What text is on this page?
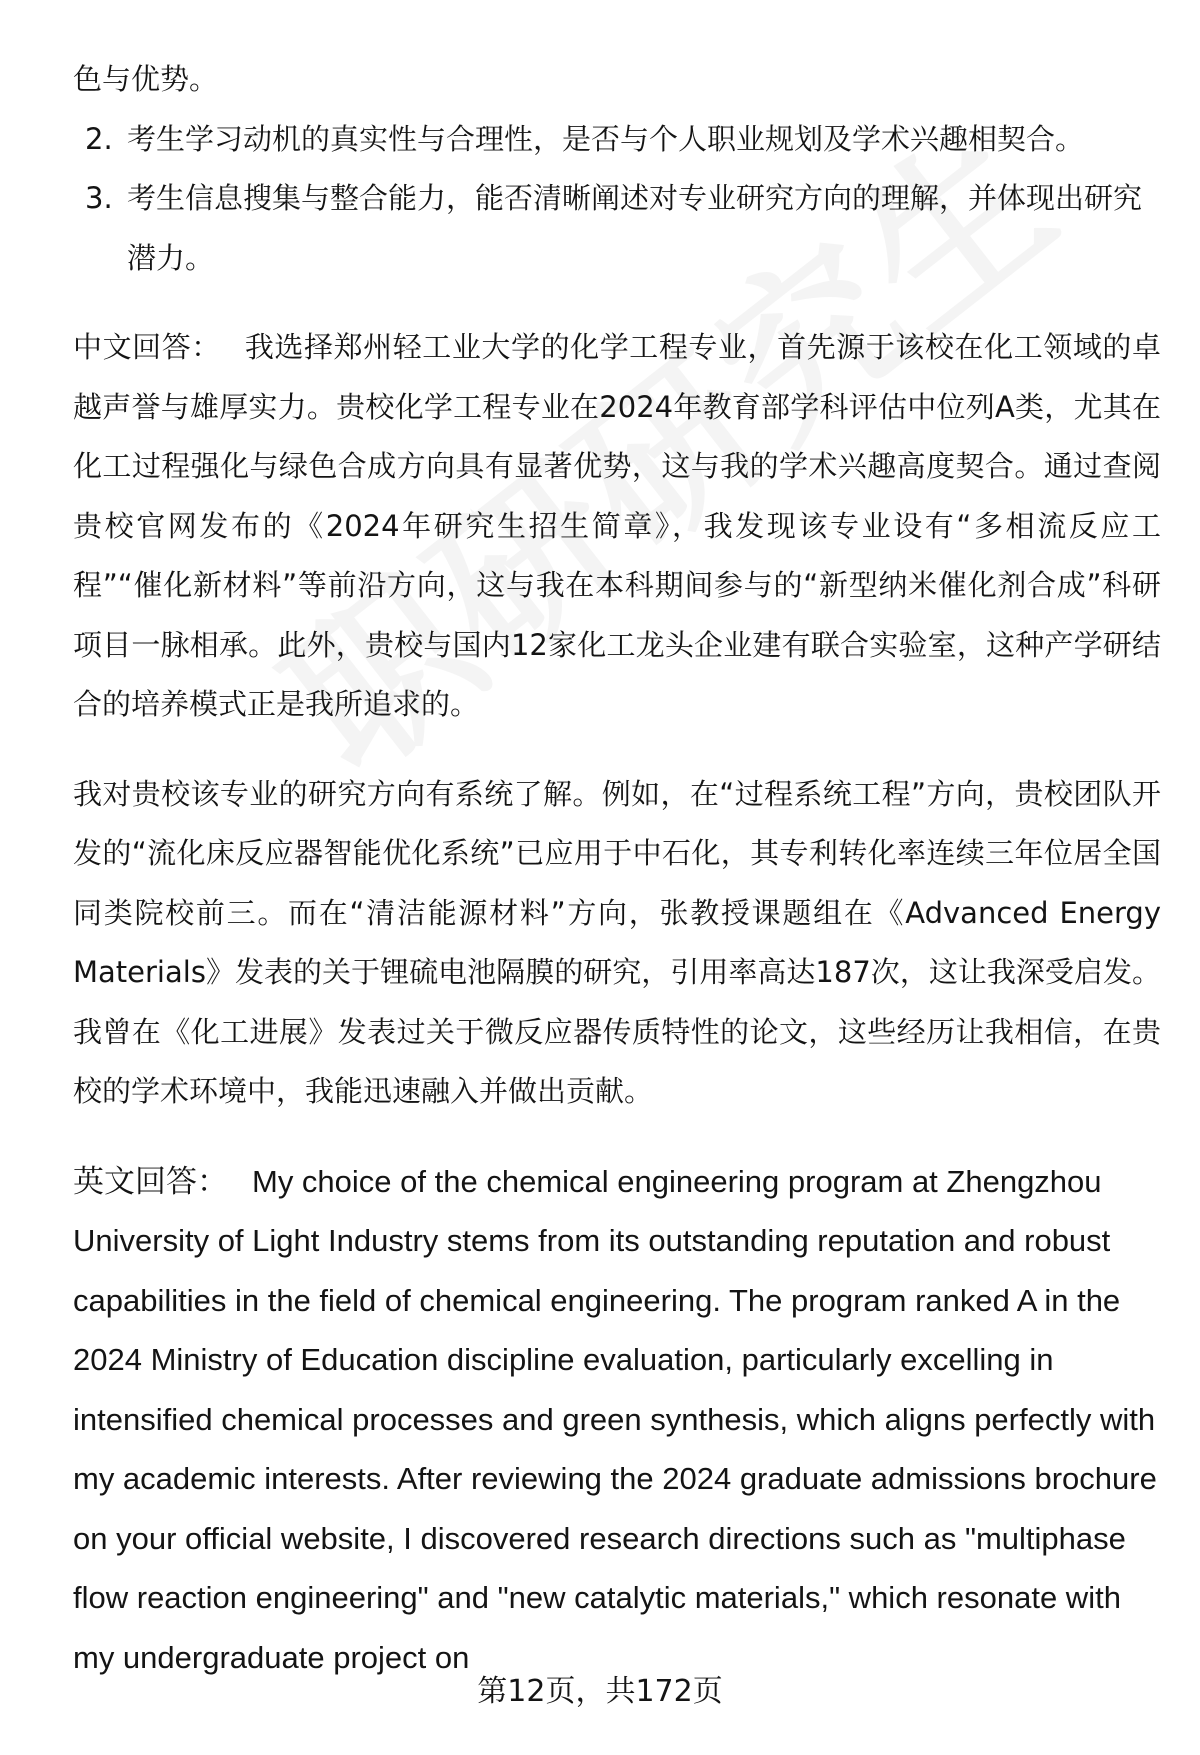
色与优势。

2. 考生学习动机的真实性与合理性，是否与个人职业规划及学术兴趣相契合。
3. 考生信息搜集与整合能力，能否清晰阐述对专业研究方向的理解，并体现出研究潜力。

中文回答： 我选择郑州轻工业大学的化学工程专业，首先源于该校在化工领域的卓越声誉与雄厚实力。贵校化学工程专业在2024年教育部学科评估中位列A类，尤其在化工过程强化与绿色合成方向具有显著优势，这与我的学术兴趣高度契合。通过查阅贵校官网发布的《2024年研究生招生简章》，我发现该专业设有“多相流反应工程”“催化新材料”等前沿方向，这与我在本科期间参与的“新型纳米催化剂合成”科研项目一脉相承。此外，贵校与国内12家化工龙头企业建有联合实验室，这种产学研结合的培养模式正是我所追求的。

我对贵校该专业的研究方向有系统了解。例如，在“过程系统工程”方向，贵校团队开发的“流化床反应器智能优化系统”已应用于中石化，其专利转化率连续三年位居全国同类院校前三。而在“清洁能源材料”方向，张教授课题组在《Advanced Energy Materials》发表的关于锂硫电池隔膜的研究，引用率高达187次，这让我深受启发。我曾在《化工进展》发表过关于微反应器传质特性的论文，这些经历让我相信，在贵校的学术环境中，我能迅速融入并做出贡献。

英文回答： My choice of the chemical engineering program at Zhengzhou University of Light Industry stems from its outstanding reputation and robust capabilities in the field of chemical engineering. The program ranked A in the 2024 Ministry of Education discipline evaluation, particularly excelling in intensified chemical processes and green synthesis, which aligns perfectly with my academic interests. After reviewing the 2024 graduate admissions brochure on your official website, I discovered research directions such as "multiphase flow reaction engineering" and "new catalytic materials," which resonate with my undergraduate project on

第12页，共172页
